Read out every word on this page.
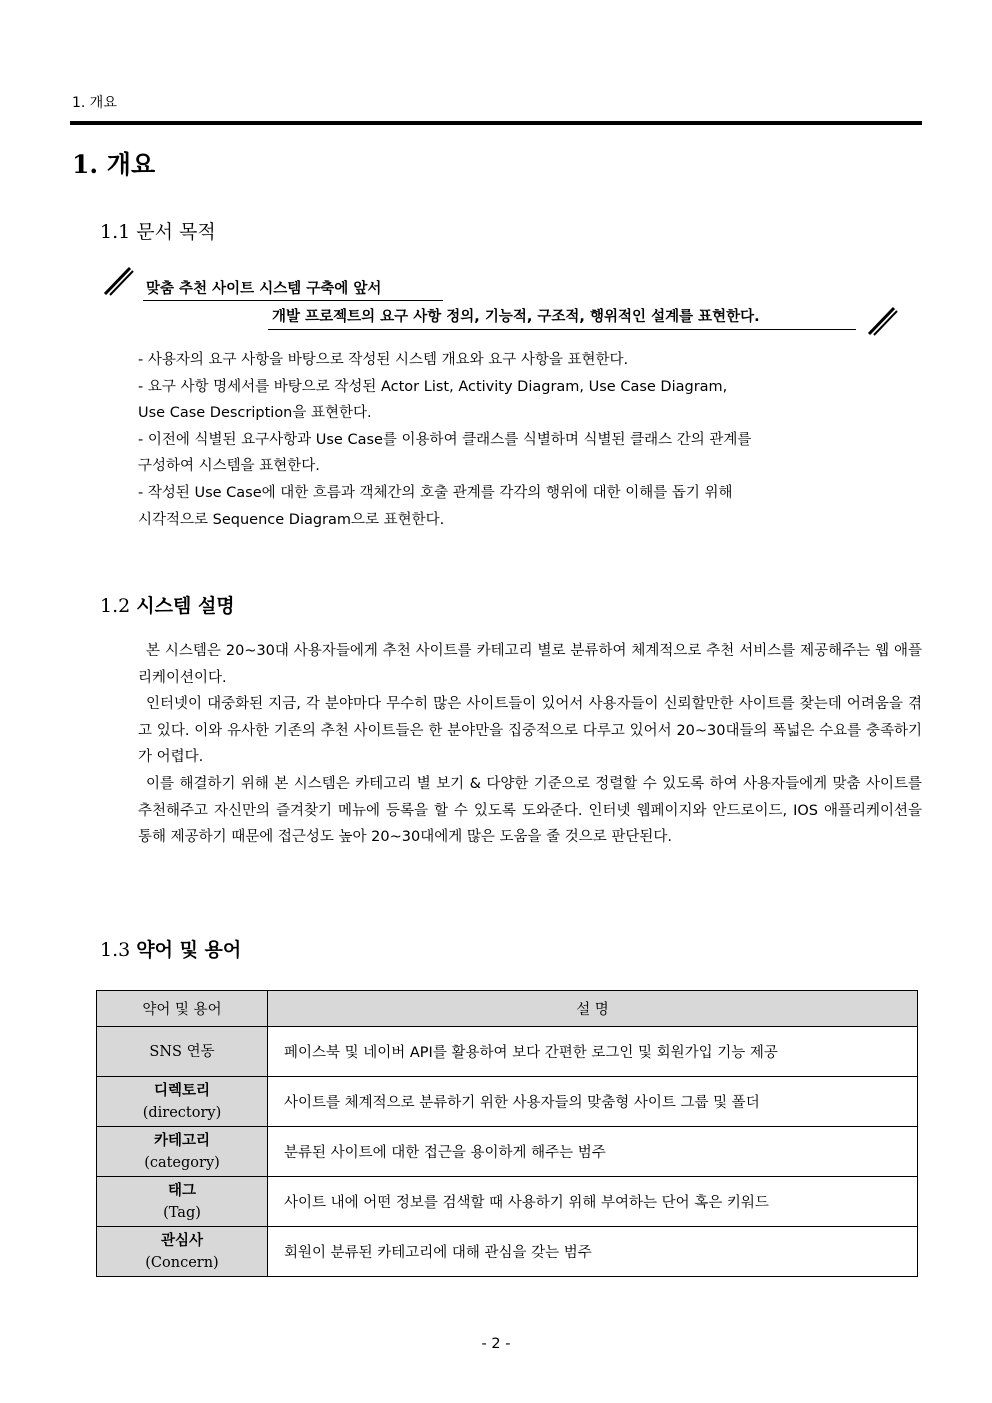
1. 개요
1. 개요
1.1 문서 목적
맞춤 추천 사이트 시스템 구축에 앞서
개발 프로젝트의 요구 사항 정의, 기능적, 구조적, 행위적인 설계를 표현한다.
- 사용자의 요구 사항을 바탕으로 작성된 시스템 개요와 요구 사항을 표현한다.
- 요구 사항 명세서를 바탕으로 작성된 Actor List, Activity Diagram, Use Case Diagram,
Use Case Description을 표현한다.
- 이전에 식별된 요구사항과 Use Case를 이용하여 클래스를 식별하며 식별된 클래스 간의 관계를
구성하여 시스템을 표현한다.
- 작성된 Use Case에 대한 흐름과 객체간의 호출 관계를 각각의 행위에 대한 이해를 돕기 위해
시각적으로 Sequence Diagram으로 표현한다.
1.2 시스템 설명

본 시스템은 20~30대 사용자들에게 추천 사이트를 카테고리 별로 분류하여 체계적으로 추천 서비스를 제공해주는 웹 애플리케이션이다.

인터넷이 대중화된 지금, 각 분야마다 무수히 많은 사이트들이 있어서 사용자들이 신뢰할만한 사이트를 찾는데 어려움을 겪고 있다. 이와 유사한 기존의 추천 사이트들은 한 분야만을 집중적으로 다루고 있어서 20~30대들의 폭넓은 수요를 충족하기가 어렵다.

이를 해결하기 위해 본 시스템은 카테고리 별 보기 & 다양한 기준으로 정렬할 수 있도록 하여 사용자들에게 맞춤 사이트를 추천해주고 자신만의 즐겨찾기 메뉴에 등록을 할 수 있도록 도와준다. 인터넷 웹페이지와 안드로이드, IOS 애플리케이션을 통해 제공하기 때문에 접근성도 높아 20~30대에게 많은 도움을 줄 것으로 판단된다.

1.3 약어 및 용어
약어 및 용어	설 명

SNS 연동	페이스북 및 네이버 API를 활용하여 보다 간편한 로그인 및 회원가입 기능 제공

디렉토리
(directory)	사이트를 체계적으로 분류하기 위한 사용자들의 맞춤형 사이트 그룹 및 폴더

카테고리
(category)	분류된 사이트에 대한 접근을 용이하게 해주는 범주

태그
(Tag)	사이트 내에 어떤 정보를 검색할 때 사용하기 위해 부여하는 단어 혹은 키워드

관심사
(Concern)	회원이 분류된 카테고리에 대해 관심을 갖는 범주
- 2 -
